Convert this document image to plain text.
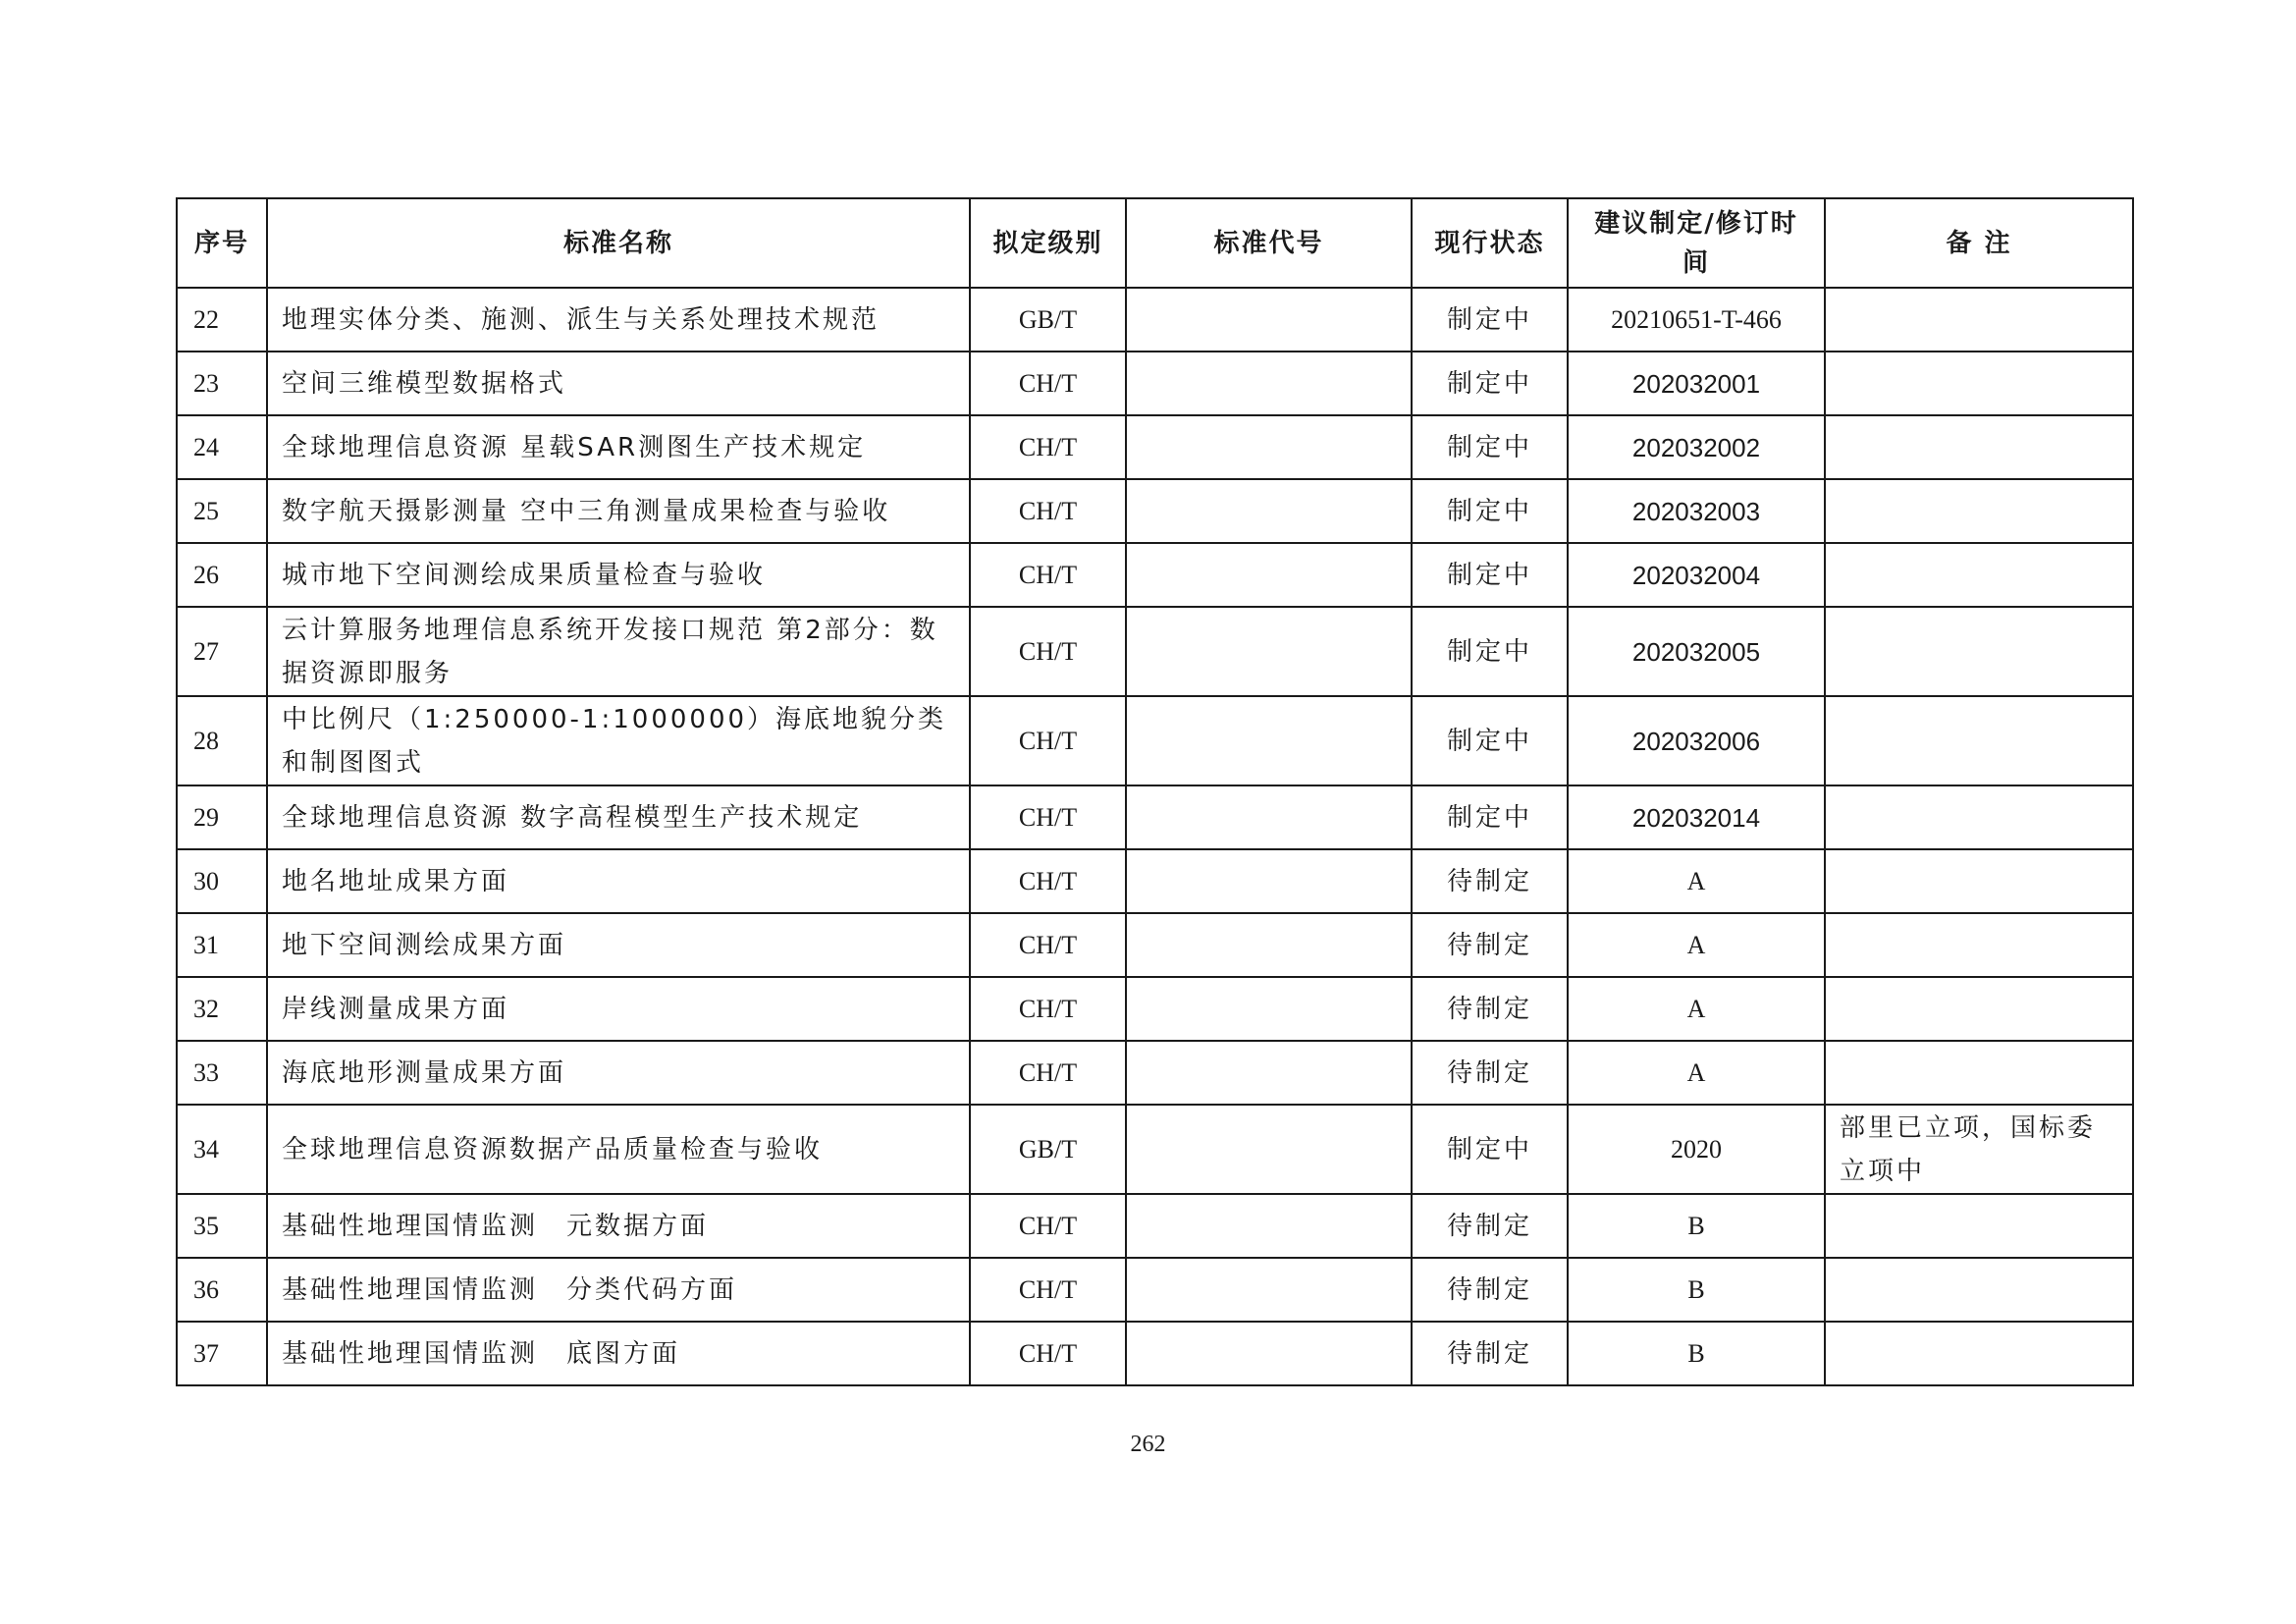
序号	标准名称	拟定级别	标准代号	现行状态	建议制定/修订时间	备 注
22	地理实体分类、施测、派生与关系处理技术规范	GB/T		制定中	20210651-T-466	
23	空间三维模型数据格式	CH/T		制定中	202032001	
24	全球地理信息资源 星载SAR测图生产技术规定	CH/T		制定中	202032002	
25	数字航天摄影测量 空中三角测量成果检查与验收	CH/T		制定中	202032003	
26	城市地下空间测绘成果质量检查与验收	CH/T		制定中	202032004	
27	云计算服务地理信息系统开发接口规范 第2部分：数据资源即服务	CH/T		制定中	202032005	
28	中比例尺（1:250000-1:1000000）海底地貌分类和制图图式	CH/T		制定中	202032006	
29	全球地理信息资源 数字高程模型生产技术规定	CH/T		制定中	202032014	
30	地名地址成果方面	CH/T		待制定	A	
31	地下空间测绘成果方面	CH/T		待制定	A	
32	岸线测量成果方面	CH/T		待制定	A	
33	海底地形测量成果方面	CH/T		待制定	A	
34	全球地理信息资源数据产品质量检查与验收	GB/T		制定中	2020	部里已立项，国标委立项中
35	基础性地理国情监测　元数据方面	CH/T		待制定	B	
36	基础性地理国情监测　分类代码方面	CH/T		待制定	B	
37	基础性地理国情监测　底图方面	CH/T		待制定	B	
262
